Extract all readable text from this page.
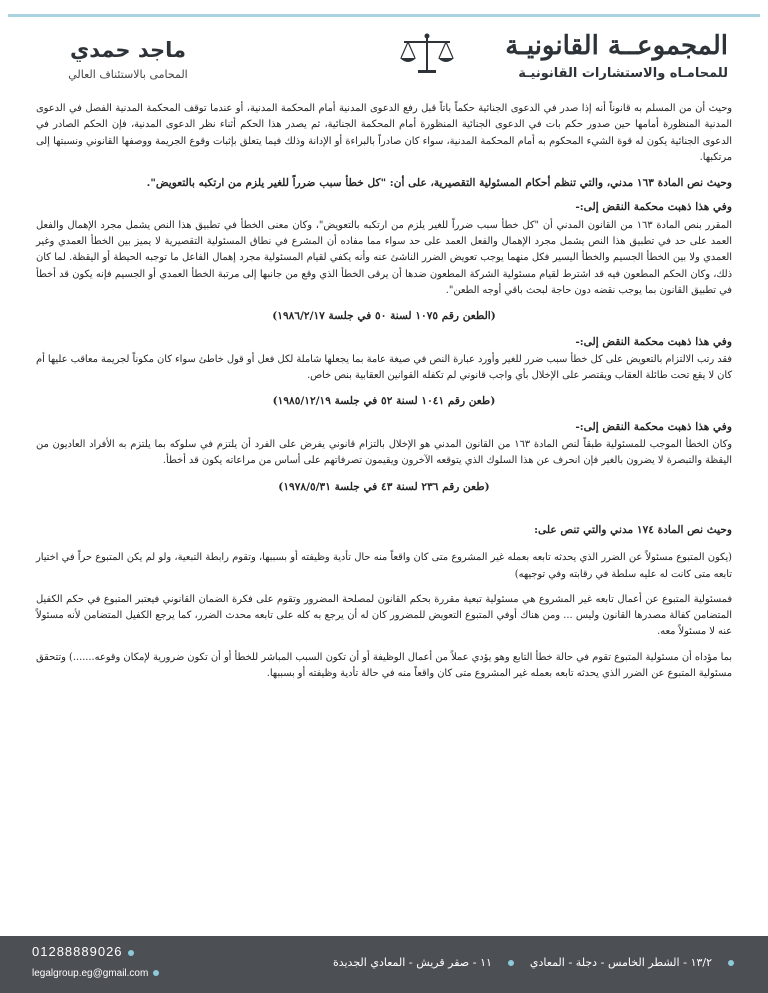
المجموعــة القانونيـة
للمحامـاه والاستشارات القانونيـة
ماجد حمدي
المحامى بالاستئناف العالي

وحيث أن من المسلم به قانوناً أنه إذا صدر في الدعوى الجنائية حكماً باتاً قبل رفع الدعوى المدنية أمام المحكمة المدنية، أو عندما توقف المحكمة المدنية الفصل في الدعوى المدنية المنظورة أمامها حين صدور حكم بات في الدعوى الجنائية المنظورة أمام المحكمة الجنائية، ثم يصدر هذا الحكم أثناء نظر الدعوى المدنية، فإن الحكم الصادر في الدعوى الجنائية يكون له قوة الشيء المحكوم به أمام المحكمة المدنية، سواء كان صادراً بالبراءة أو الإدانة وذلك فيما يتعلق بإثبات وقوع الجريمة ووصفها القانوني ونسبتها إلى مرتكبها.

وحيث نص المادة ١٦٣ مدني، والتي تنظم أحكام المسئولية التقصيرية، على أن: "كل خطأ سبب ضرراً للغير يلزم من ارتكبه بالتعويض".

وفي هذا ذهبت محكمة النقض إلى:-

المقرر بنص المادة ١٦٣ من القانون المدني أن "كل خطأ سبب ضرراً للغير يلزم من ارتكبه بالتعويض"، وكان معنى الخطأ في تطبيق هذا النص يشمل مجرد الإهمال والفعل العمد على حد في تطبيق هذا النص يشمل مجرد الإهمال والفعل العمد على حد سواء مما مفاده أن المشرع في نطاق المسئولية التقصيرية لا يميز بين الخطأ العمدي وغير العمدي ولا بين الخطأ الجسيم والخطأ اليسير فكل منهما يوجب تعويض الضرر الناشئ عنه وأنه يكفي لقيام المسئولية مجرد إهمال الفاعل ما توجبه الحيطة أو اليقظة. لما كان ذلك، وكان الحكم المطعون فيه قد اشترط لقيام مسئولية الشركة المطعون ضدها أن يرقى الخطأ الذي وقع من جانبها إلى مرتبة الخطأ العمدي أو الجسيم فإنه يكون قد أخطأ في تطبيق القانون بما يوجب نقضه دون حاجة لبحث باقي أوجه الطعن".

(الطعن رقم ١٠٧٥ لسنة ٥٠ في جلسة ١٩٨٦/٢/١٧)

وفي هذا ذهبت محكمة النقض إلى:-

فقد رتب الالتزام بالتعويض على كل خطأ سبب ضرر للغير وأورد عبارة النص في صيغة عامة بما يجعلها شاملة لكل فعل أو قول خاطئ سواء كان مكوناً لجريمة معاقب عليها أم كان لا يقع تحت طائلة العقاب ويقتصر على الإخلال بأي واجب قانوني لم تكفله القوانين العقابية بنص خاص.

(طعن رقم ١٠٤١ لسنة ٥٢ في جلسة ١٩٨٥/١٢/١٩)

وفي هذا ذهبت محكمة النقض إلى:-

وكان الخطأ الموجب للمسئولية طبقاً لنص المادة ١٦٣ من القانون المدني هو الإخلال بالتزام قانوني يفرض على الفرد أن يلتزم في سلوكه بما يلتزم به الأفراد العاديون من اليقظة والتبصرة لا يضرون بالغير فإن انحرف عن هذا السلوك الذي يتوقعه الآخرون ويقيمون تصرفاتهم على أساس من مراعاته يكون قد أخطأ.

(طعن رقم ٢٣٦ لسنة ٤٣ في جلسة ١٩٧٨/٥/٣١)

وحيث نص المادة ١٧٤ مدني والتي تنص على:

(يكون المتبوع مسئولاً عن الضرر الذي يحدثه تابعه بعمله غير المشروع متى كان واقعاً منه حال تأدية وظيفته أو بسببها، وتقوم رابطة التبعية، ولو لم يكن المتبوع حراً في اختيار تابعه متى كانت له عليه سلطة في رقابته وفي توجيهه)

فمسئولية المتبوع عن أعمال تابعه غير المشروع هي مسئولية تبعية مقررة بحكم القانون لمصلحة المضرور وتقوم على فكرة الضمان القانوني فيعتبر المتبوع في حكم الكفيل المتضامن كفالة مصدرها القانون وليس ... ومن هناك أوفي المتبوع التعويض للمضرور كان له أن يرجع به كله على تابعه محدث الضرر، كما يرجع الكفيل المتضامن لأنه مسئولاً عنه لا مسئولاً معه.

بما مؤداه أن مسئولية المتبوع تقوم في حالة خطأ التابع وهو يؤدي عملاً من أعمال الوظيفة أو أن تكون السبب المباشر للخطأ أو أن تكون ضرورية لإمكان وقوعه.......) وتتحقق مسئولية المتبوع عن الضرر الذي يحدثه تابعه بعمله غير المشروع متى كان واقعاً منه في حالة تأدية وظيفته أو بسببها.

01288889026
legalgroup.eg@gmail.com
١٣/٢ - الشطر الخامس - دجلة - المعادي١١ - صقر قريش - المعادي الجديدة
